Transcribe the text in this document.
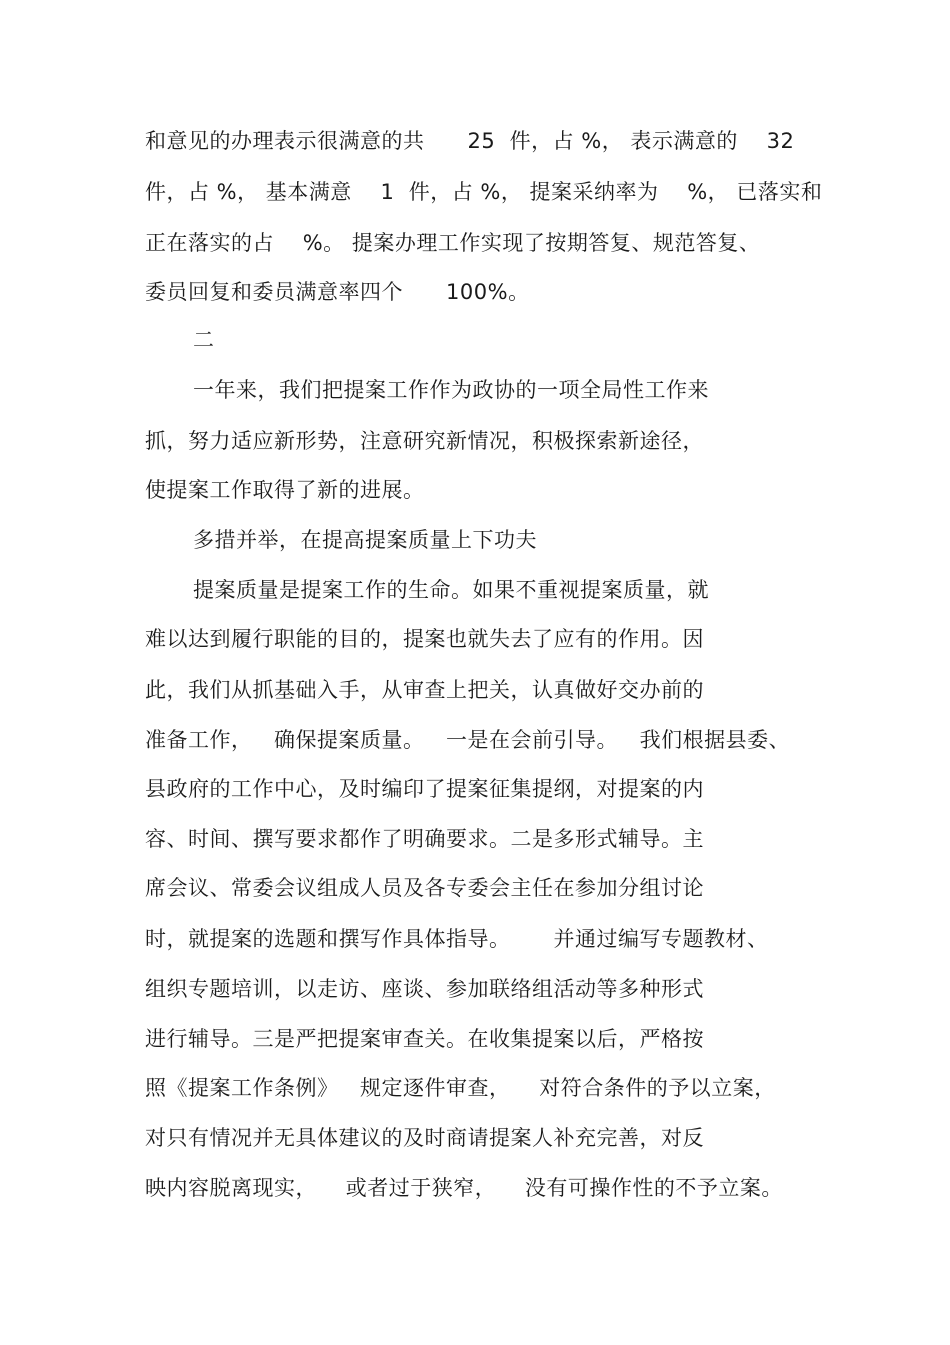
和意见的办理表示很满意的共      25  件，占 %， 表示满意的    32
件，占 %， 基本满意    1  件，占 %， 提案采纳率为    %， 已落实和
正在落实的占    %。 提案办理工作实现了按期答复、规范答复、
委员回复和委员满意率四个      100%。
二
一年来，我们把提案工作作为政协的一项全局性工作来
抓，努力适应新形势，注意研究新情况，积极探索新途径，
使提案工作取得了新的进展。
多措并举，在提高提案质量上下功夫
提案质量是提案工作的生命。如果不重视提案质量，就
难以达到履行职能的目的，提案也就失去了应有的作用。因
此，我们从抓基础入手，从审查上把关，认真做好交办前的
准备工作，   确保提案质量。   一是在会前引导。   我们根据县委、
县政府的工作中心，及时编印了提案征集提纲，对提案的内
容、时间、撰写要求都作了明确要求。二是多形式辅导。主
席会议、常委会议组成人员及各专委会主任在参加分组讨论
时，就提案的选题和撰写作具体指导。      并通过编写专题教材、
组织专题培训，以走访、座谈、参加联络组活动等多种形式
进行辅导。三是严把提案审查关。在收集提案以后，严格按
照《提案工作条例》   规定逐件审查，    对符合条件的予以立案，
对只有情况并无具体建议的及时商请提案人补充完善，对反
映内容脱离现实，    或者过于狭窄，    没有可操作性的不予立案。
